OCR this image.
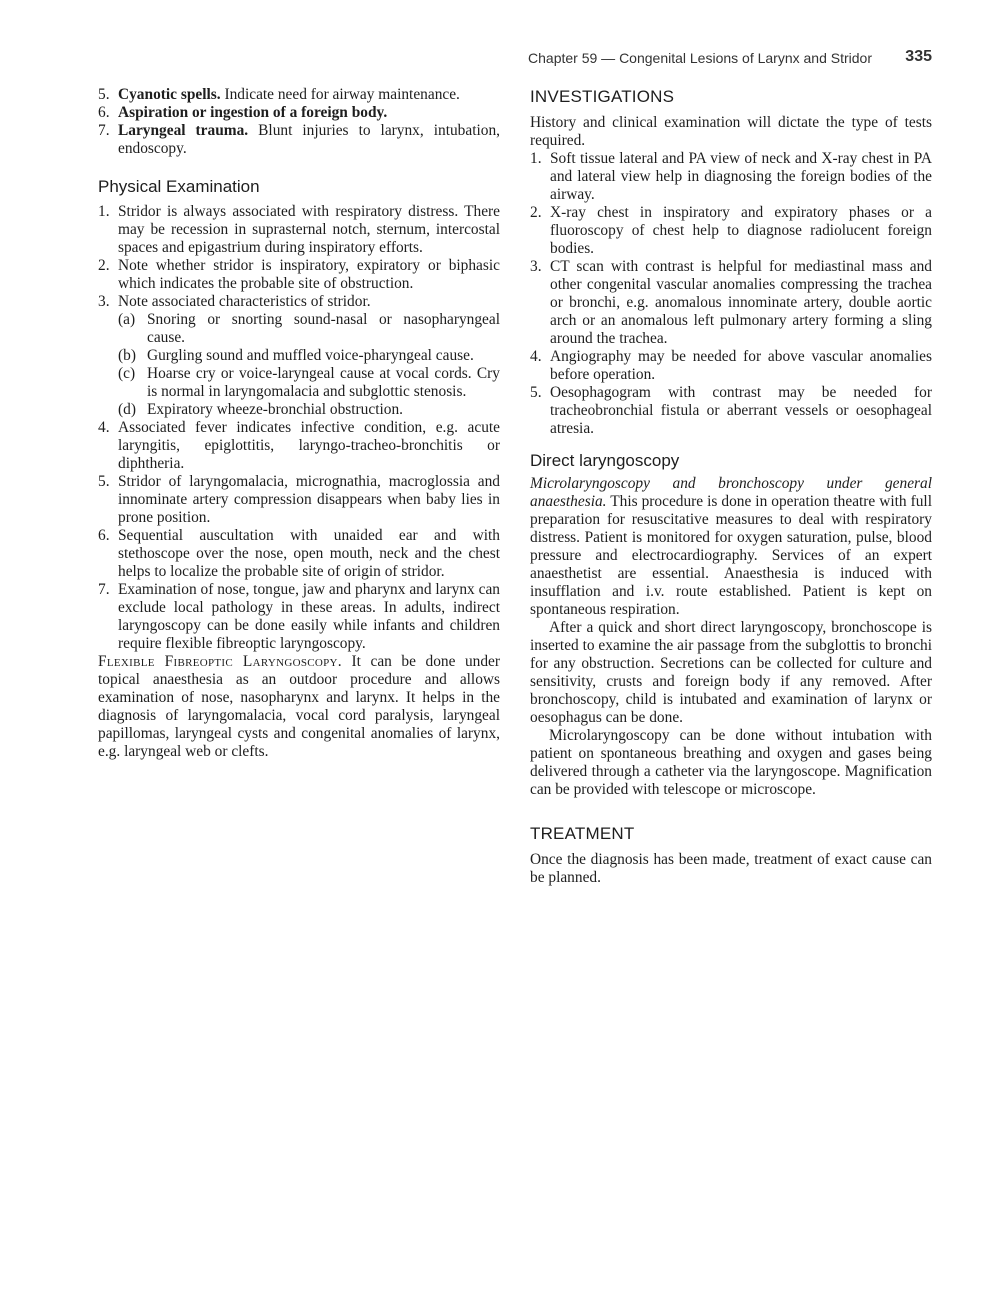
Chapter 59 — Congenital Lesions of Larynx and Stridor 335
5. Cyanotic spells. Indicate need for airway maintenance.
6. Aspiration or ingestion of a foreign body.
7. Laryngeal trauma. Blunt injuries to larynx, intubation, endoscopy.
Physical Examination
1. Stridor is always associated with respiratory distress. There may be recession in suprasternal notch, sternum, intercostal spaces and epigastrium during inspiratory efforts.
2. Note whether stridor is inspiratory, expiratory or biphasic which indicates the probable site of obstruction.
3. Note associated characteristics of stridor.
(a) Snoring or snorting sound-nasal or nasopharyngeal cause.
(b) Gurgling sound and muffled voice-pharyngeal cause.
(c) Hoarse cry or voice-laryngeal cause at vocal cords. Cry is normal in laryngomalacia and subglottic stenosis.
(d) Expiratory wheeze-bronchial obstruction.
4. Associated fever indicates infective condition, e.g. acute laryngitis, epiglottitis, laryngo-tracheo-bronchitis or diphtheria.
5. Stridor of laryngomalacia, micrognathia, macroglossia and innominate artery compression disappears when baby lies in prone position.
6. Sequential auscultation with unaided ear and with stethoscope over the nose, open mouth, neck and the chest helps to localize the probable site of origin of stridor.
7. Examination of nose, tongue, jaw and pharynx and larynx can exclude local pathology in these areas. In adults, indirect laryngoscopy can be done easily while infants and children require flexible fibreoptic laryngoscopy.

Flexible Fibreoptic Laryngoscopy. It can be done under topical anaesthesia as an outdoor procedure and allows examination of nose, nasopharynx and larynx. It helps in the diagnosis of laryngomalacia, vocal cord paralysis, laryngeal papillomas, laryngeal cysts and congenital anomalies of larynx, e.g. laryngeal web or clefts.

INVESTIGATIONS

History and clinical examination will dictate the type of tests required.

1. Soft tissue lateral and PA view of neck and X-ray chest in PA and lateral view help in diagnosing the foreign bodies of the airway.
2. X-ray chest in inspiratory and expiratory phases or a fluoroscopy of chest help to diagnose radiolucent foreign bodies.
3. CT scan with contrast is helpful for mediastinal mass and other congenital vascular anomalies compressing the trachea or bronchi, e.g. anomalous innominate artery, double aortic arch or an anomalous left pulmonary artery forming a sling around the trachea.
4. Angiography may be needed for above vascular anomalies before operation.
5. Oesophagogram with contrast may be needed for tracheobronchial fistula or aberrant vessels or oesophageal atresia.
Direct laryngoscopy

Microlaryngoscopy and bronchoscopy under general anaesthesia. This procedure is done in operation theatre with full preparation for resuscitative measures to deal with respiratory distress. Patient is monitored for oxygen saturation, pulse, blood pressure and electrocardiography. Services of an expert anaesthetist are essential. Anaesthesia is induced with insufflation and i.v. route established. Patient is kept on spontaneous respiration.

After a quick and short direct laryngoscopy, bronchoscope is inserted to examine the air passage from the subglottis to bronchi for any obstruction. Secretions can be collected for culture and sensitivity, crusts and foreign body if any removed. After bronchoscopy, child is intubated and examination of larynx or oesophagus can be done.

Microlaryngoscopy can be done without intubation with patient on spontaneous breathing and oxygen and gases being delivered through a catheter via the laryngoscope. Magnification can be provided with telescope or microscope.

TREATMENT

Once the diagnosis has been made, treatment of exact cause can be planned.
